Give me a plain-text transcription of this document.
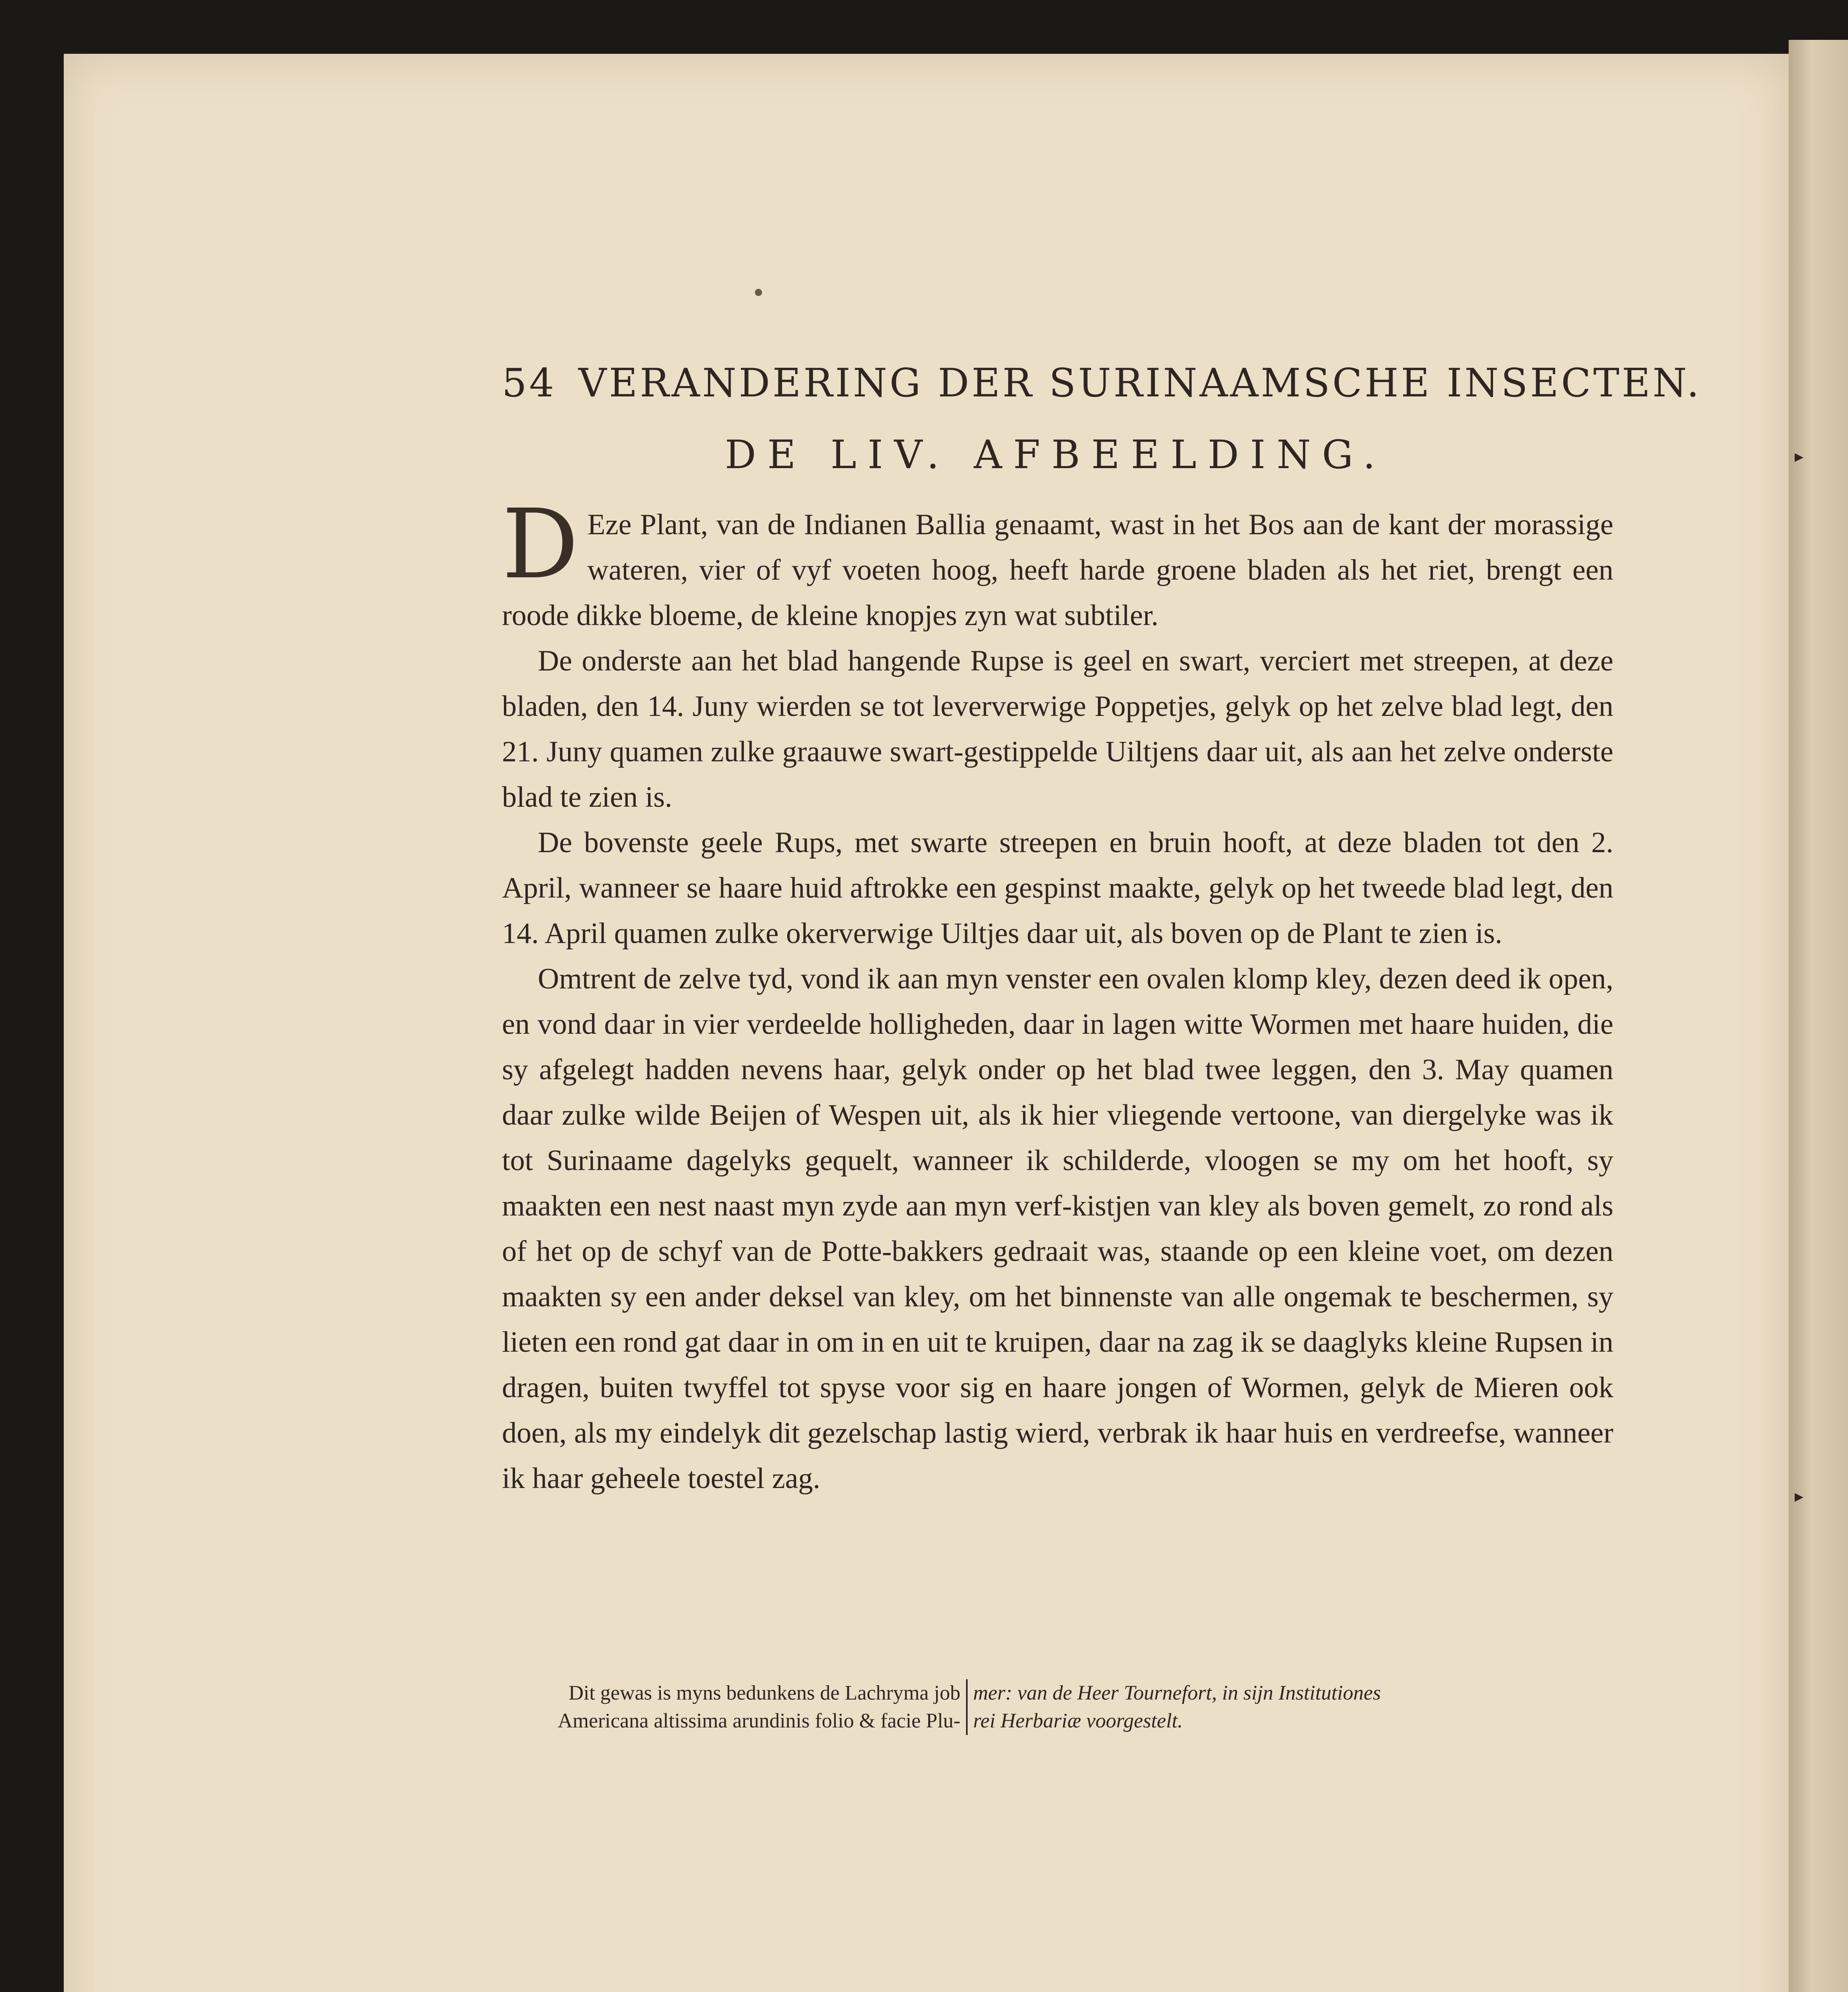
54 VERANDERING DER SURINAAMSCHE INSECTEN.
DE LIV. AFBEELDING.

D Eze Plant, van de Indianen Ballia genaamt, wast in het Bos aan de kant der morassige wateren, vier of vyf voeten hoog, heeft harde groene bladen als het riet, brengt een roode dikke bloeme, de kleine knopjes zyn wat subtiler.

De onderste aan het blad hangende Rupse is geel en swart, verciert met streepen, at deze bladen, den 14. Juny wierden se tot leververwige Poppetjes, gelyk op het zelve blad legt, den 21. Juny quamen zulke graauwe swart-gestippelde Uiltjens daar uit, als aan het zelve onderste blad te zien is.

De bovenste geele Rups, met swarte streepen en bruin hooft, at deze bladen tot den 2. April, wanneer se haare huid aftrokke een gespinst maakte, gelyk op het tweede blad legt, den 14. April quamen zulke okerverwige Uiltjes daar uit, als boven op de Plant te zien is.

Omtrent de zelve tyd, vond ik aan myn venster een ovalen klomp kley, dezen deed ik open, en vond daar in vier verdeelde holligheden, daar in lagen witte Wormen met haare huiden, die sy afgelegt hadden nevens haar, gelyk onder op het blad twee leggen, den 3. May quamen daar zulke wilde Beijen of Wespen uit, als ik hier vliegende vertoone, van diergelyke was ik tot Surinaame dagelyks gequelt, wanneer ik schilderde, vloogen se my om het hooft, sy maakten een nest naast myn zyde aan myn verf-kistjen van kley als boven gemelt, zo rond als of het op de schyf van de Potte-bakkers gedraait was, staande op een kleine voet, om dezen maakten sy een ander deksel van kley, om het binnenste van alle ongemak te beschermen, sy lieten een rond gat daar in om in en uit te kruipen, daar na zag ik se daaglyks kleine Rupsen in dragen, buiten twyffel tot spyse voor sig en haare jongen of Wormen, gelyk de Mieren ook doen, als my eindelyk dit gezelschap lastig wierd, verbrak ik haar huis en verdreefse, wanneer ik haar geheele toestel zag.

Dit gewas is myns bedunkens de Lachryma job
Americana altissima arundinis folio & facie Plu-
mer: van de Heer Tournefort, in sijn Institutiones
rei Herbariæ voorgestelt.
▸
▸
